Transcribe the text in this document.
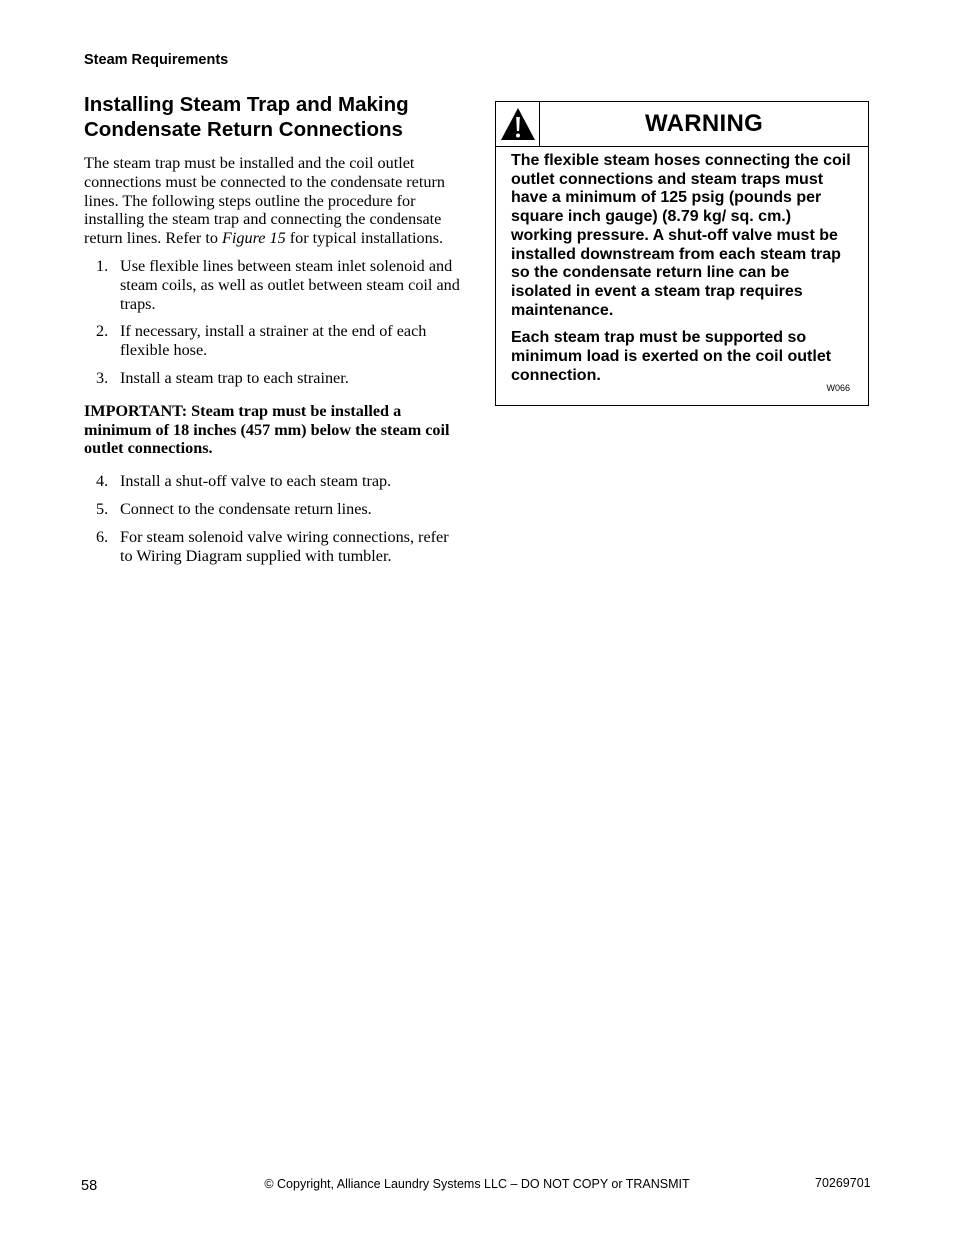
Steam Requirements
Installing Steam Trap and Making
Condensate Return Connections

The steam trap must be installed and the coil outlet connections must be connected to the condensate return lines. The following steps outline the procedure for installing the steam trap and connecting the condensate return lines. Refer to Figure 15 for typical installations.

1. Use flexible lines between steam inlet solenoid and steam coils, as well as outlet between steam coil and traps.
2. If necessary, install a strainer at the end of each flexible hose.
3. Install a steam trap to each strainer.

IMPORTANT: Steam trap must be installed a minimum of 18 inches (457 mm) below the steam coil outlet connections.

4. Install a shut-off valve to each steam trap.
5. Connect to the condensate return lines.
6. For steam solenoid valve wiring connections, refer to Wiring Diagram supplied with tumbler.
WARNING

The flexible steam hoses connecting the coil outlet connections and steam traps must have a minimum of 125 psig (pounds per square inch gauge) (8.79 kg/ sq. cm.) working pressure. A shut-off valve must be installed downstream from each steam trap so the condensate return line can be isolated in event a steam trap requires maintenance.

Each steam trap must be supported so minimum load is exerted on the coil outlet connection.

W066
58	© Copyright, Alliance Laundry Systems LLC – DO NOT COPY or TRANSMIT	70269701
